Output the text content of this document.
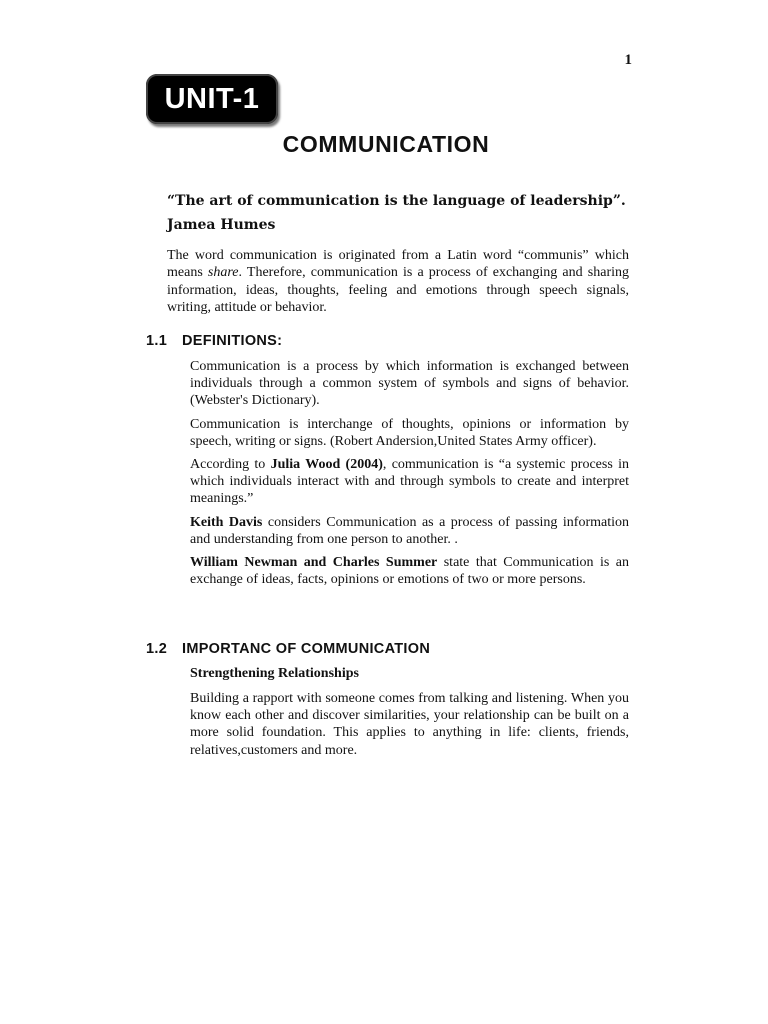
1
UNIT-1
COMMUNICATION
“The art of communication is the language of leadership”.
Jamea Humes
The word communication is originated from a Latin word “communis” which means share. Therefore, communication is a process of exchanging and sharing information, ideas, thoughts, feeling and emotions through speech signals, writing, attitude or behavior.
1.1 DEFINITIONS:

Communication is a process by which information is exchanged between individuals through a common system of symbols and signs of behavior.(Webster's Dictionary).

Communication is interchange of thoughts, opinions or information by speech, writing or signs. (Robert Andersion,United States Army officer).

According to Julia Wood (2004), communication is “a systemic process in which individuals interact with and through symbols to create and interpret meanings.”

Keith Davis considers Communication as a process of passing information and understanding from one person to another. .

William Newman and Charles Summer state that Communication is an exchange of ideas, facts, opinions or emotions of two or more persons.

1.2 IMPORTANC OF COMMUNICATION

Strengthening Relationships

Building a rapport with someone comes from talking and listening. When you know each other and discover similarities, your relationship can be built on a more solid foundation. This applies to anything in life: clients, friends, relatives,customers and more.
